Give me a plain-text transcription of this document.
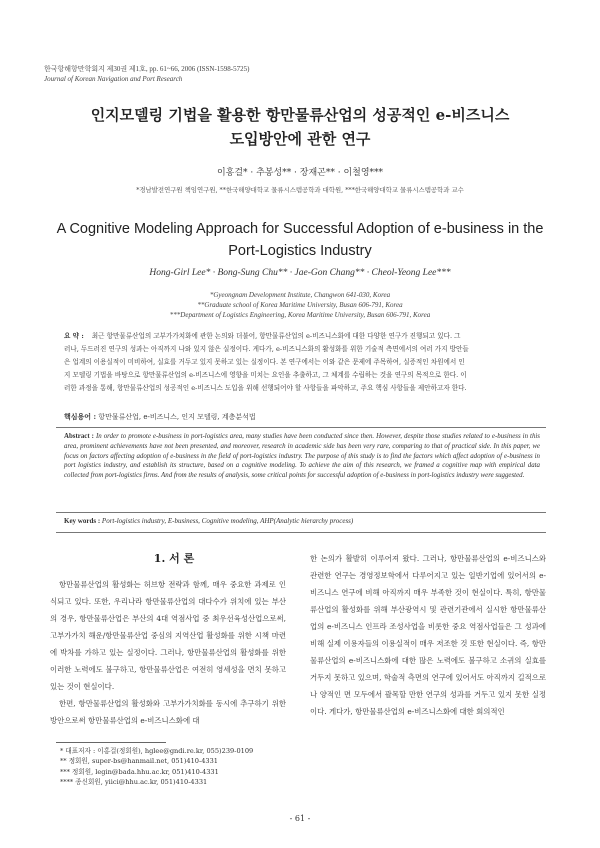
한국항해항만학회지 제30권 제1호, pp. 61~66, 2006 (ISSN-1598-5725)
Journal of Korean Navigation and Port Research
인지모델링 기법을 활용한 항만물류산업의 성공적인 e-비즈니스
도입방안에 관한 연구
이홍걸* · 추봉성** · 장재곤** · 이철영***
*경남발전연구원 책임연구원, **한국해양대학교 물류시스템공학과 대학원, ***한국해양대학교 물류시스템공학과 교수
A Cognitive Modeling Approach for Successful Adoption of e-business in the
Port-Logistics Industry
Hong-Girl Lee* · Bong-Sung Chu** · Jae-Gon Chang** · Cheol-Yeong Lee***
*Gyeongnam Development Institute, Changwon 641-030, Korea
**Graduate school of Korea Maritime University, Busan 606-791, Korea
***Department of Logistics Engineering, Korea Maritime University, Busan 606-791, Korea
요 약 : 최근 항만물류산업의 고부가가치화에 관한 논의와 더불어, 항만물류산업의 e-비즈니스화에 대한 다양한 연구가 진행되고 있다. 그
러나, 두드러진 연구의 성과는 아직까지 나와 있지 않은 실정이다. 게다가, e-비즈니스화의 활성화를 위한 기술적 측면에서의 여러 가지 방안들
은 업계의 이용실적이 미비하여, 실효를 거두고 있지 못하고 있는 실정이다. 본 연구에서는 이와 같은 문제에 주목하여, 실증적인 차원에서 인
지 모델링 기법을 바탕으로 항만물류산업의 e-비즈니스에 영향을 미치는 요인을 추출하고, 그 체계를 수립하는 것을 연구의 목적으로 한다. 이
러한 과정을 통해, 항만물류산업의 성공적인 e-비즈니스 도입을 위해 선행되어야 할 사항들을 파악하고, 주요 핵심 사항들을 제안하고자 한다.
핵심용어 : 항만물류산업, e-비즈니스, 인지 모델링, 계층분석법
Abstract : In order to promote e-business in port-logistics area, many studies have been conducted since then. However, despite those studies related to e-business in this area, prominent achievements have not been presented, and moreover, research in academic side has been very rare, comparing to that of practical side. In this paper, we focus on factors affecting adoption of e-business in the field of port-logistics industry. The purpose of this study is to find the factors which affect adoption of e-business in port logistics industry, and establish its structure, based on a cognitive modeling. To achieve the aim of this research, we framed a cognitive map with empirical data collected from port-logistics firms. And from the results of analysis, some critical points for successful adoption of e-business in port-logistics industry were suggested.
Key words : Port-logistics industry, E-business, Cognitive modeling, AHP(Analytic hierarchy process)
1. 서 론

항만물류산업의 활성화는 허브항 전략과 함께, 매우 중요한 과제로 인식되고 있다. 또한, 우리나라 항만물류산업의 대다수가 위치에 있는 부산의 경우, 항만물류산업은 부산의 4대 역점사업 중 최우선육성산업으로써, 고부가가치 해운/항만물류산업 중심의 지역산업 활성화를 위한 시책 마련에 박차를 가하고 있는 실정이다. 그러나, 항만물류산업의 활성화를 위한 이러한 노력에도 불구하고, 항만물류산업은 여전히 영세성을 면치 못하고 있는 것이 현실이다.

한편, 항만물류산업의 활성화와 고부가가치화를 동시에 추구하기 위한 방안으로써 항만물류산업의 e-비즈니스화에 대

한 논의가 활발히 이루어져 왔다. 그러나, 항만물류산업의 e-비즈니스와 관련한 연구는 경영정보학에서 다루어지고 있는 일반기업에 있어서의 e-비즈니스 연구에 비해 아직까지 매우 부족한 것이 현실이다. 특히, 항만물류산업의 활성화를 위해 부산광역시 및 관련기관에서 실시한 항만물류산업의 e-비즈니스 인프라 조성사업을 비롯한 중요 역점사업들은 그 성과에 비해 실제 이용자들의 이용실적이 매우 저조한 것 또한 현실이다. 즉, 항만물류산업의 e-비즈니스화에 대한 많은 노력에도 불구하고 소귀의 실효를 거두지 못하고 있으며, 학술적 측면의 연구에 있어서도 아직까지 길적으로나 양적인 면 모두에서 괄목할 만한 연구의 성과를 거두고 있지 못한 실정이다. 게다가, 항만물류산업의 e-비즈니스화에 대한 회의적인

* 대표저자 : 이홍걸(정회원), hglee@gndi.re.kr, 055)239-0109
** 정회원, super-bs@hanmail.net, 051)410-4331
*** 정회원, legin@bada.hhu.ac.kr, 051)410-4331
**** 종신회원, yiici@hhu.ac.kr, 051)410-4331
- 61 -
